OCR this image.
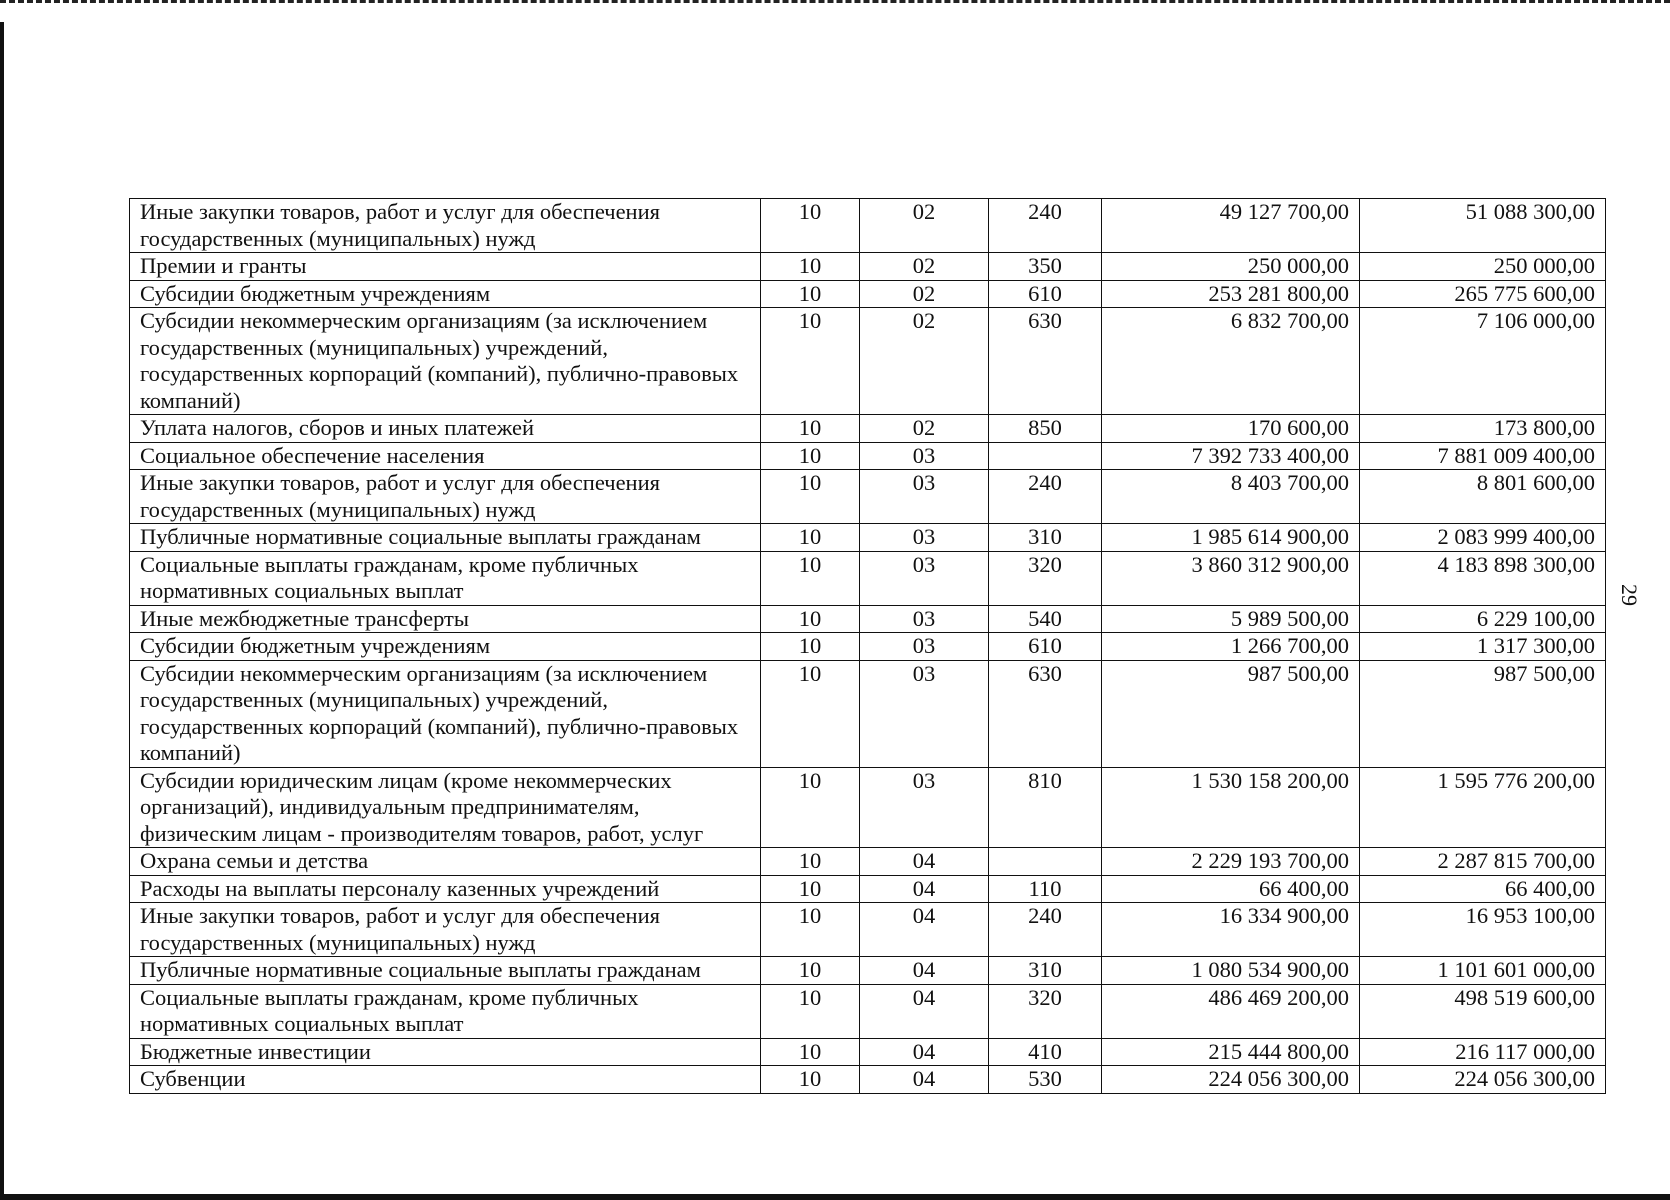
29
Иные закупки товаров, работ и услуг для обеспечения государственных (муниципальных) нужд	10	02	240	49 127 700,00	51 088 300,00
Премии и гранты	10	02	350	250 000,00	250 000,00
Субсидии бюджетным учреждениям	10	02	610	253 281 800,00	265 775 600,00
Субсидии некоммерческим организациям (за исключением государственных (муниципальных) учреждений, государственных корпораций (компаний), публично-правовых компаний)	10	02	630	6 832 700,00	7 106 000,00
Уплата налогов, сборов и иных платежей	10	02	850	170 600,00	173 800,00
Социальное обеспечение населения	10	03		7 392 733 400,00	7 881 009 400,00
Иные закупки товаров, работ и услуг для обеспечения государственных (муниципальных) нужд	10	03	240	8 403 700,00	8 801 600,00
Публичные нормативные социальные выплаты гражданам	10	03	310	1 985 614 900,00	2 083 999 400,00
Социальные выплаты гражданам, кроме публичных нормативных социальных выплат	10	03	320	3 860 312 900,00	4 183 898 300,00
Иные межбюджетные трансферты	10	03	540	5 989 500,00	6 229 100,00
Субсидии бюджетным учреждениям	10	03	610	1 266 700,00	1 317 300,00
Субсидии некоммерческим организациям (за исключением государственных (муниципальных) учреждений, государственных корпораций (компаний), публично-правовых компаний)	10	03	630	987 500,00	987 500,00
Субсидии юридическим лицам (кроме некоммерческих организаций), индивидуальным предпринимателям, физическим лицам - производителям товаров, работ, услуг	10	03	810	1 530 158 200,00	1 595 776 200,00
Охрана семьи и детства	10	04		2 229 193 700,00	2 287 815 700,00
Расходы на выплаты персоналу казенных учреждений	10	04	110	66 400,00	66 400,00
Иные закупки товаров, работ и услуг для обеспечения государственных (муниципальных) нужд	10	04	240	16 334 900,00	16 953 100,00
Публичные нормативные социальные выплаты гражданам	10	04	310	1 080 534 900,00	1 101 601 000,00
Социальные выплаты гражданам, кроме публичных нормативных социальных выплат	10	04	320	486 469 200,00	498 519 600,00
Бюджетные инвестиции	10	04	410	215 444 800,00	216 117 000,00
Субвенции	10	04	530	224 056 300,00	224 056 300,00
